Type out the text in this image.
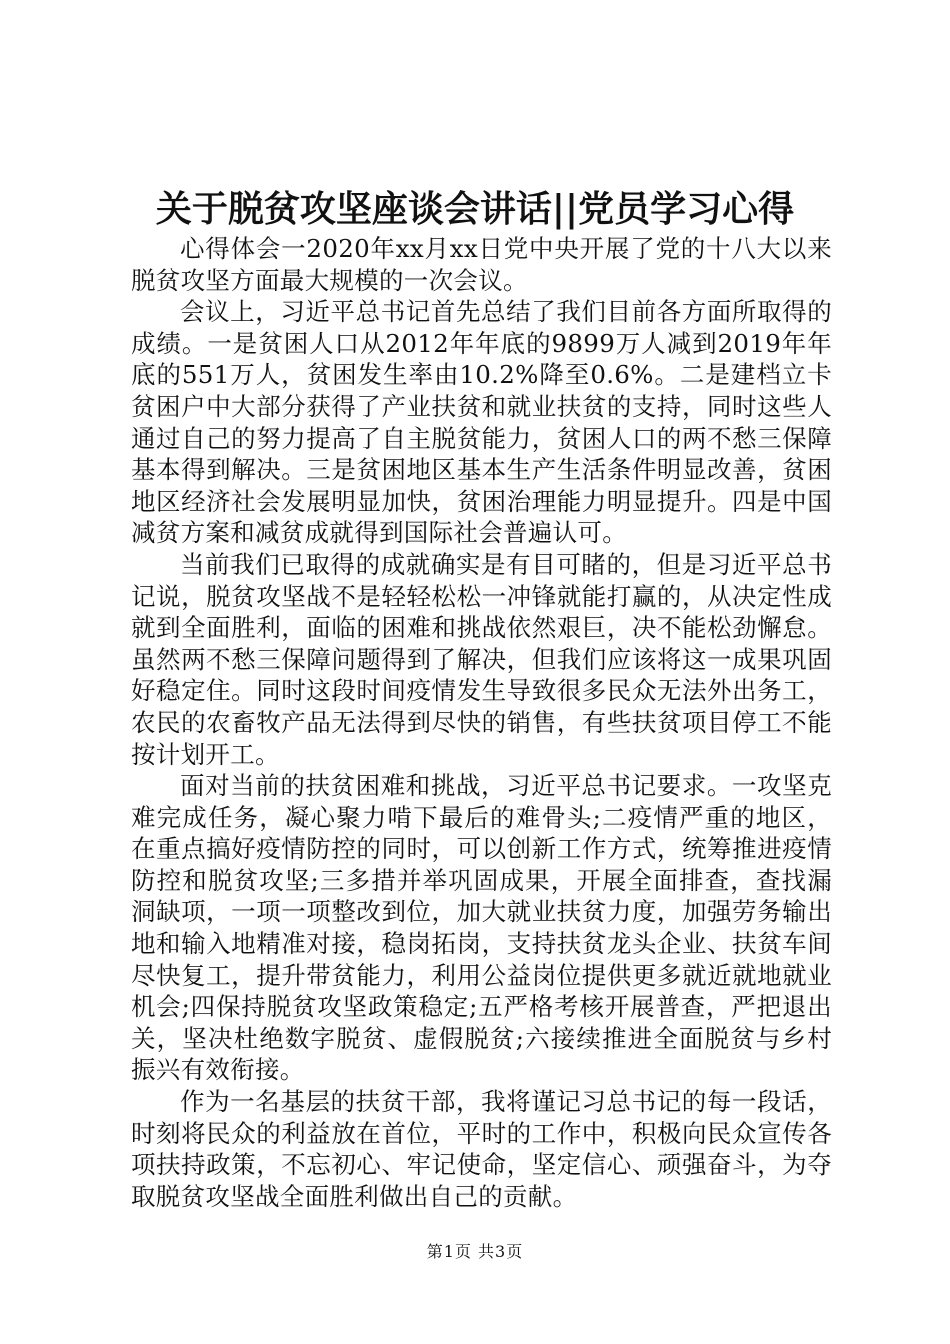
关于脱贫攻坚座谈会讲话||党员学习心得

心得体会一2020年xx月xx日党中央开展了党的十八大以来脱贫攻坚方面最大规模的一次会议。

会议上，习近平总书记首先总结了我们目前各方面所取得的成绩。一是贫困人口从2012年年底的9899万人减到2019年年底的551万人，贫困发生率由10.2%降至0.6%。二是建档立卡贫困户中大部分获得了产业扶贫和就业扶贫的支持，同时这些人通过自己的努力提高了自主脱贫能力，贫困人口的两不愁三保障基本得到解决。三是贫困地区基本生产生活条件明显改善，贫困地区经济社会发展明显加快，贫困治理能力明显提升。四是中国减贫方案和减贫成就得到国际社会普遍认可。

当前我们已取得的成就确实是有目可睹的，但是习近平总书记说，脱贫攻坚战不是轻轻松松一冲锋就能打赢的，从决定性成就到全面胜利，面临的困难和挑战依然艰巨，决不能松劲懈怠。虽然两不愁三保障问题得到了解决，但我们应该将这一成果巩固好稳定住。同时这段时间疫情发生导致很多民众无法外出务工，农民的农畜牧产品无法得到尽快的销售，有些扶贫项目停工不能按计划开工。

面对当前的扶贫困难和挑战，习近平总书记要求。一攻坚克难完成任务，凝心聚力啃下最后的难骨头;二疫情严重的地区，在重点搞好疫情防控的同时，可以创新工作方式，统筹推进疫情防控和脱贫攻坚;三多措并举巩固成果，开展全面排查，查找漏洞缺项，一项一项整改到位，加大就业扶贫力度，加强劳务输出地和输入地精准对接，稳岗拓岗，支持扶贫龙头企业、扶贫车间尽快复工，提升带贫能力，利用公益岗位提供更多就近就地就业机会;四保持脱贫攻坚政策稳定;五严格考核开展普查，严把退出关，坚决杜绝数字脱贫、虚假脱贫;六接续推进全面脱贫与乡村振兴有效衔接。

作为一名基层的扶贫干部，我将谨记习总书记的每一段话，时刻将民众的利益放在首位，平时的工作中，积极向民众宣传各项扶持政策，不忘初心、牢记使命，坚定信心、顽强奋斗，为夺取脱贫攻坚战全面胜利做出自己的贡献。

第1页 共3页
